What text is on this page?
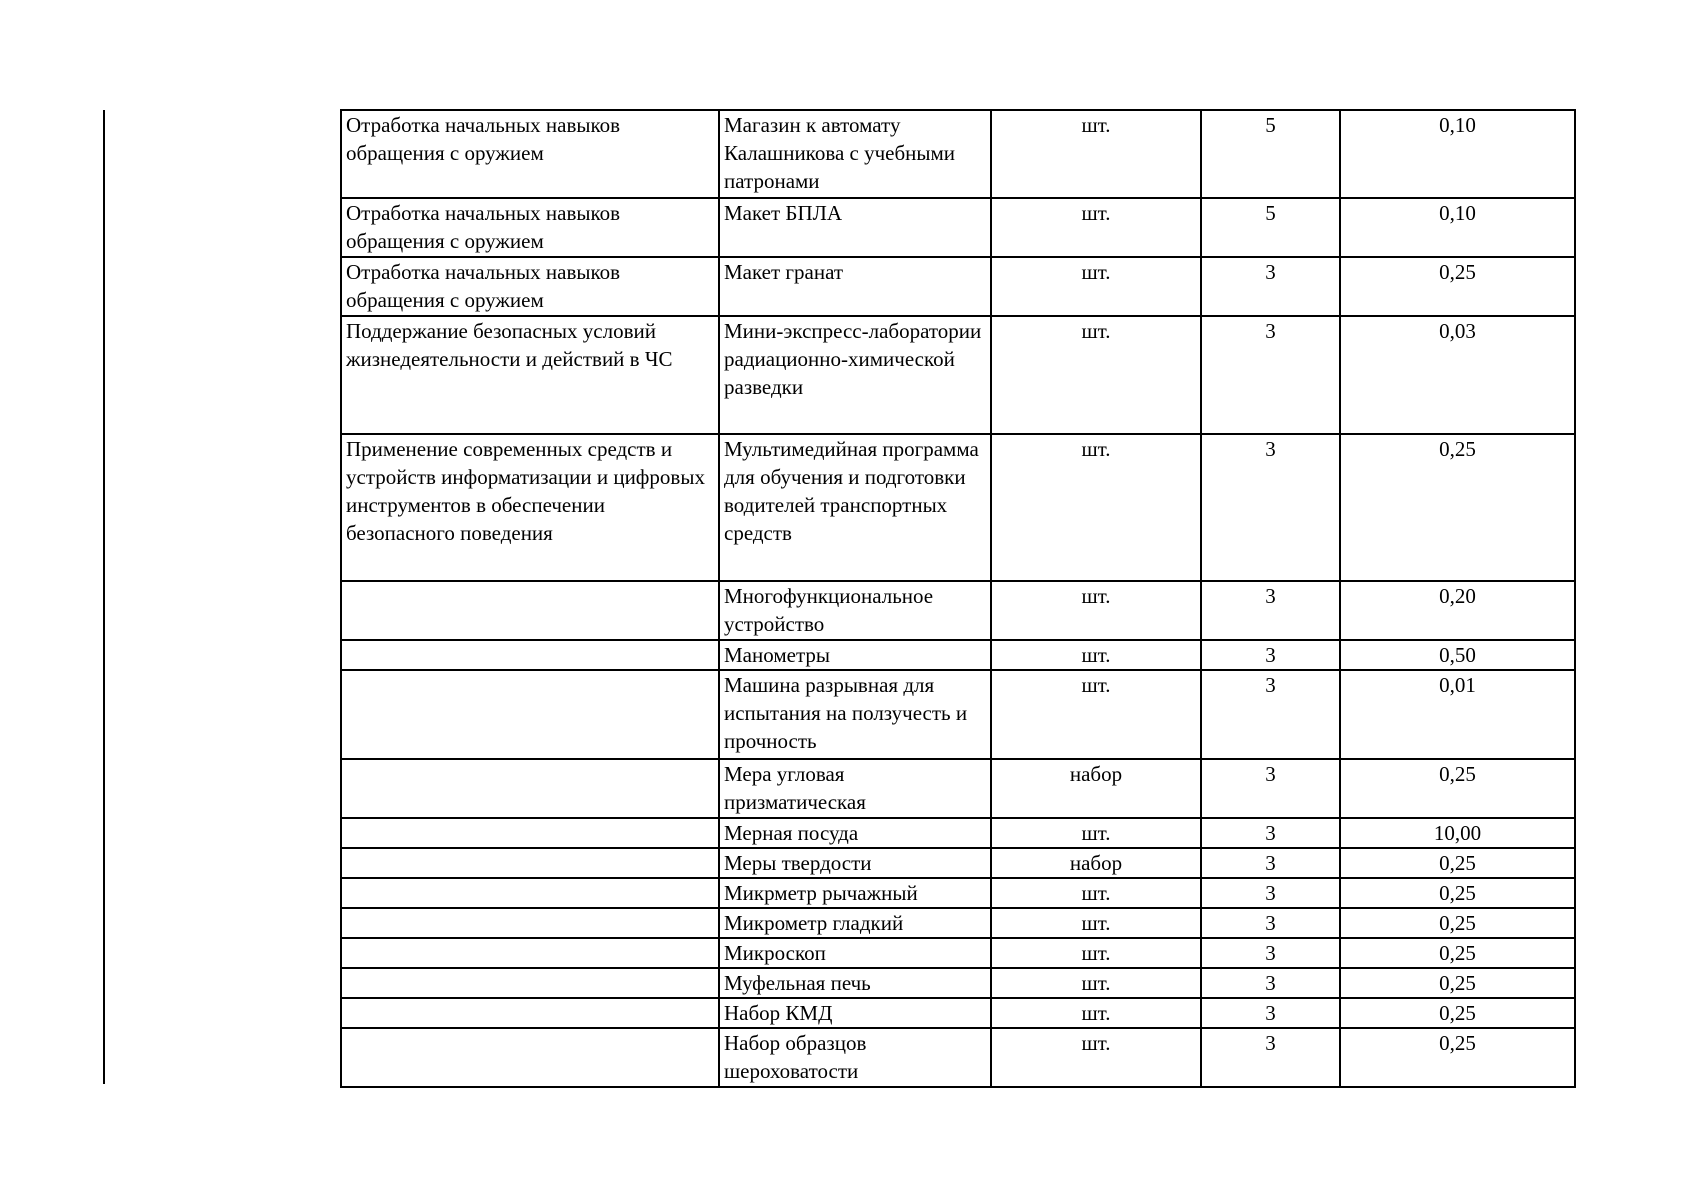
Отработка начальных навыков обращения с оружием	Магазин к автомату Калашникова с учебными патронами	шт.	5	0,10
Отработка начальных навыков обращения с оружием	Макет БПЛА	шт.	5	0,10
Отработка начальных навыков обращения с оружием	Макет гранат	шт.	3	0,25
Поддержание безопасных условий жизнедеятельности и действий в ЧС	Мини-экспресс-лаборатории радиационно-химической разведки	шт.	3	0,03
Применение современных средств и устройств информатизации и цифровых инструментов в обеспечении безопасного поведения	Мультимедийная программа для обучения и подготовки водителей транспортных средств	шт.	3	0,25
	Многофункциональное устройство	шт.	3	0,20
	Манометры	шт.	3	0,50
	Машина разрывная для испытания на ползучесть и прочность	шт.	3	0,01
	Мера угловая призматическая	набор	3	0,25
	Мерная посуда	шт.	3	10,00
	Меры твердости	набор	3	0,25
	Микрметр рычажный	шт.	3	0,25
	Микрометр гладкий	шт.	3	0,25
	Микроскоп	шт.	3	0,25
	Муфельная печь	шт.	3	0,25
	Набор КМД	шт.	3	0,25
	Набор образцов шероховатости	шт.	3	0,25
